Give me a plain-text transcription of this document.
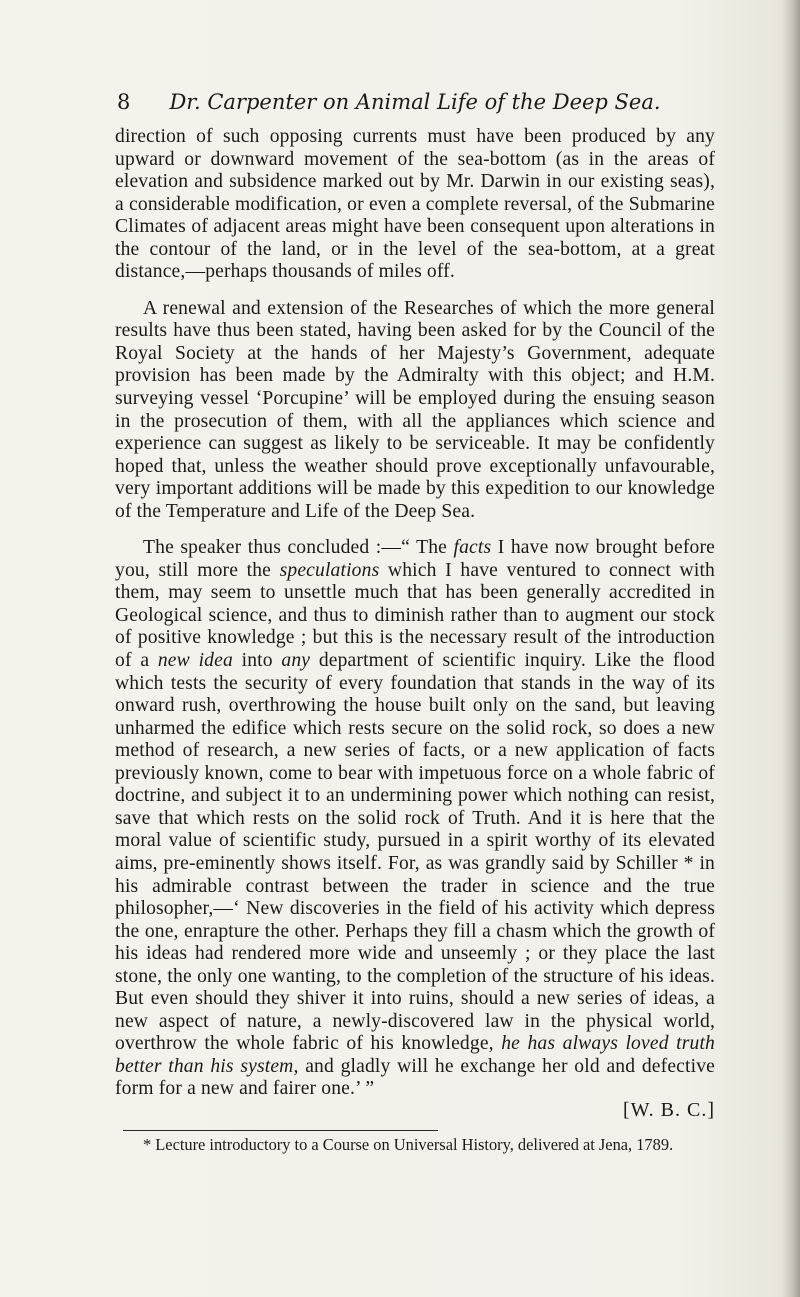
8	Dr. Carpenter on Animal Life of the Deep Sea.

direction of such opposing currents must have been produced by any upward or downward movement of the sea-bottom (as in the areas of elevation and subsidence marked out by Mr. Darwin in our existing seas), a considerable modification, or even a complete reversal, of the Submarine Climates of adjacent areas might have been consequent upon alterations in the contour of the land, or in the level of the sea-bottom, at a great distance,—perhaps thousands of miles off.

A renewal and extension of the Researches of which the more general results have thus been stated, having been asked for by the Council of the Royal Society at the hands of her Majesty’s Government, adequate provision has been made by the Admiralty with this object; and H.M. surveying vessel ‘Porcupine’ will be employed during the ensuing season in the prosecution of them, with all the appliances which science and experience can suggest as likely to be serviceable. It may be confidently hoped that, unless the weather should prove exceptionally unfavourable, very important additions will be made by this expedition to our knowledge of the Temperature and Life of the Deep Sea.

The speaker thus concluded :—“ The facts I have now brought before you, still more the speculations which I have ventured to connect with them, may seem to unsettle much that has been generally accredited in Geological science, and thus to diminish rather than to augment our stock of positive knowledge ; but this is the necessary result of the introduction of a new idea into any department of scientific inquiry. Like the flood which tests the security of every foundation that stands in the way of its onward rush, overthrowing the house built only on the sand, but leaving unharmed the edifice which rests secure on the solid rock, so does a new method of research, a new series of facts, or a new application of facts previously known, come to bear with impetuous force on a whole fabric of doctrine, and subject it to an undermining power which nothing can resist, save that which rests on the solid rock of Truth. And it is here that the moral value of scientific study, pursued in a spirit worthy of its elevated aims, pre-eminently shows itself. For, as was grandly said by Schiller * in his admirable contrast between the trader in science and the true philosopher,—‘ New discoveries in the field of his activity which depress the one, enrapture the other. Perhaps they fill a chasm which the growth of his ideas had rendered more wide and unseemly ; or they place the last stone, the only one wanting, to the completion of the structure of his ideas. But even should they shiver it into ruins, should a new series of ideas, a new aspect of nature, a newly-discovered law in the physical world, overthrow the whole fabric of his knowledge, he has always loved truth better than his system, and gladly will he exchange her old and defective form for a new and fairer one.’ ”

[W. B. C.]

* Lecture introductory to a Course on Universal History, delivered at Jena, 1789.
